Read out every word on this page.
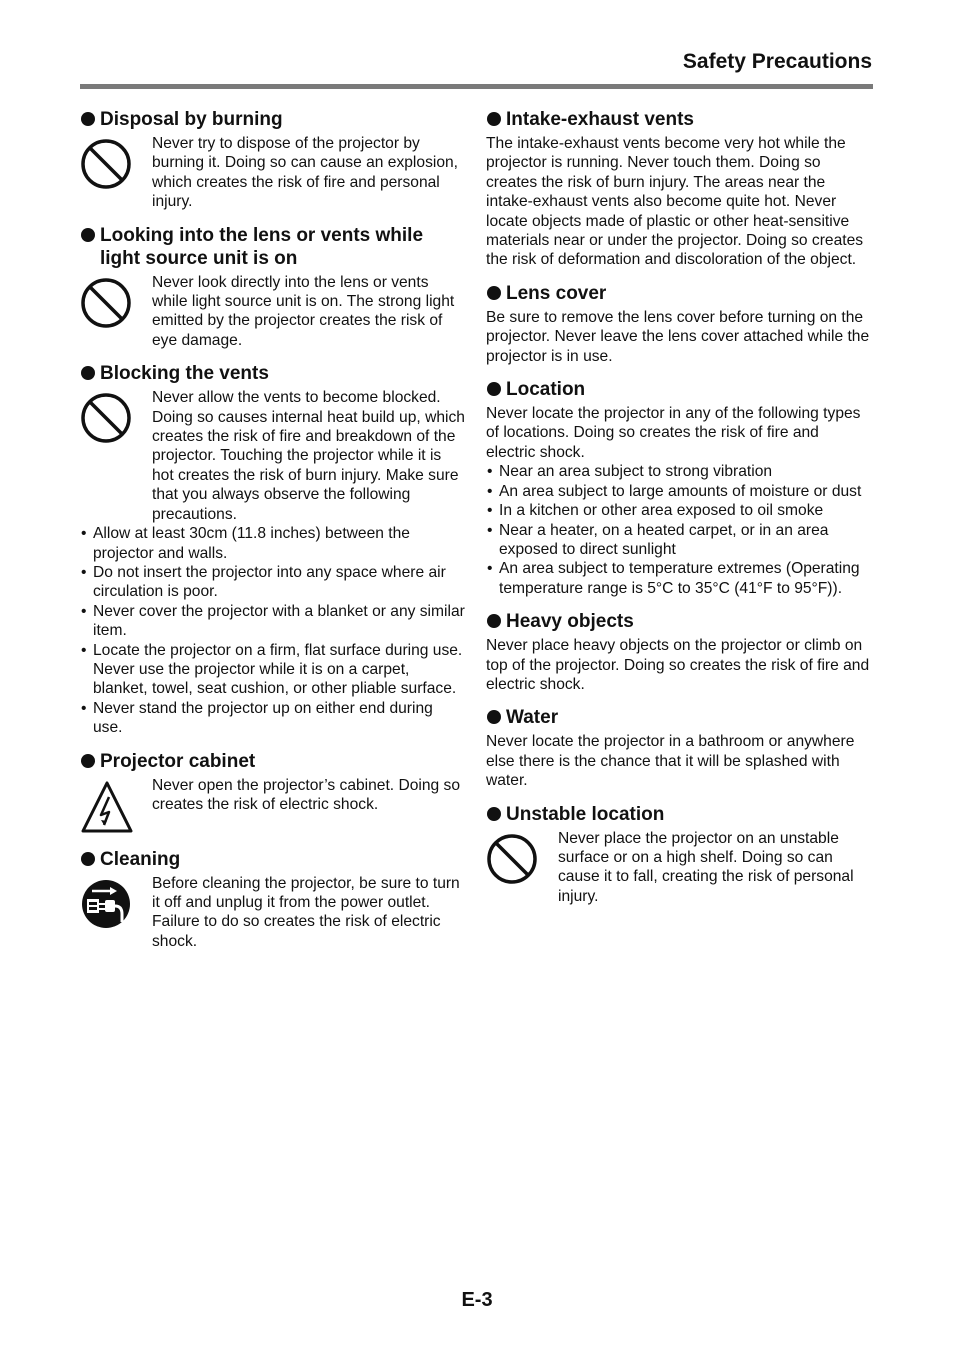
Safety Precautions
Disposal by burning

Never try to dispose of the projector by burning it. Doing so can cause an explosion, which creates the risk of fire and personal injury.

Looking into the lens or vents while light source unit is on

Never look directly into the lens or vents while light source unit is on. The strong light emitted by the projector creates the risk of eye damage.

Blocking the vents

Never allow the vents to become blocked. Doing so causes internal heat build up, which creates the risk of fire and breakdown of the projector. Touching the projector while it is hot creates the risk of burn injury. Make sure that you always observe the following precautions.

• Allow at least 30cm (11.8 inches) between the projector and walls.
• Do not insert the projector into any space where air circulation is poor.
• Never cover the projector with a blanket or any similar item.
• Locate the projector on a firm, flat surface during use. Never use the projector while it is on a carpet, blanket, towel, seat cushion, or other pliable surface.
• Never stand the projector up on either end during use.
Projector cabinet

Never open the projector’s cabinet. Doing so creates the risk of electric shock.

Cleaning

Before cleaning the projector, be sure to turn it off and unplug it from the power outlet. Failure to do so creates the risk of electric shock.

Intake-exhaust vents

The intake-exhaust vents become very hot while the projector is running. Never touch them. Doing so creates the risk of burn injury. The areas near the intake-exhaust vents also become quite hot. Never locate objects made of plastic or other heat-sensitive materials near or under the projector. Doing so creates the risk of deformation and discoloration of the object.

Lens cover

Be sure to remove the lens cover before turning on the projector. Never leave the lens cover attached while the projector is in use.

Location

Never locate the projector in any of the following types of locations. Doing so creates the risk of fire and electric shock.

• Near an area subject to strong vibration
• An area subject to large amounts of moisture or dust
• In a kitchen or other area exposed to oil smoke
• Near a heater, on a heated carpet, or in an area exposed to direct sunlight
• An area subject to temperature extremes (Operating temperature range is 5°C to 35°C (41°F to 95°F)).
Heavy objects

Never place heavy objects on the projector or climb on top of the projector. Doing so creates the risk of fire and electric shock.

Water

Never locate the projector in a bathroom or anywhere else there is the chance that it will be splashed with water.

Unstable location

Never place the projector on an unstable surface or on a high shelf. Doing so can cause it to fall, creating the risk of personal injury.

E-3
